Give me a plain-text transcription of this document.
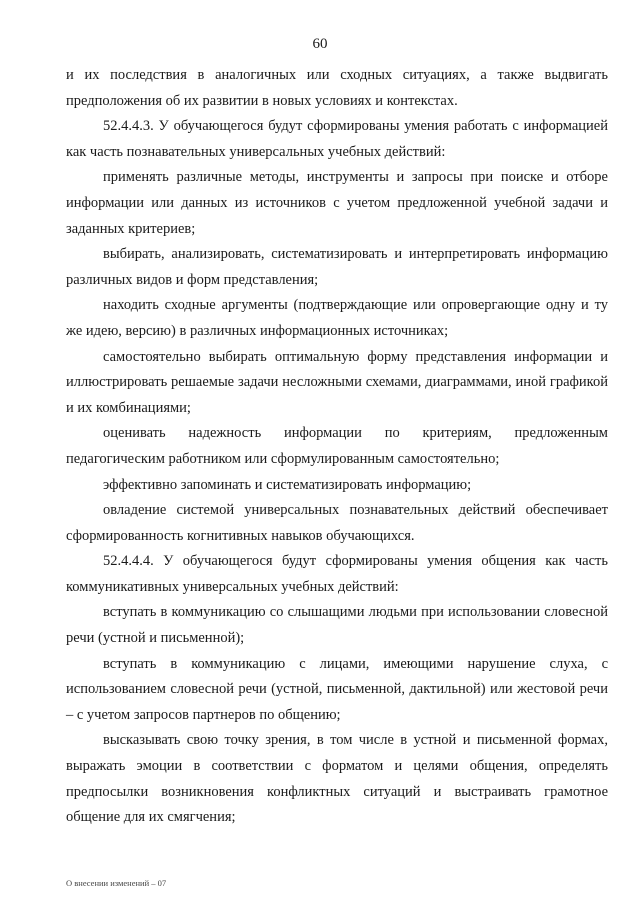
60

и их последствия в аналогичных или сходных ситуациях, а также выдвигать предположения об их развитии в новых условиях и контекстах.

52.4.4.3. У обучающегося будут сформированы умения работать с информацией как часть познавательных универсальных учебных действий:

применять различные методы, инструменты и запросы при поиске и отборе информации или данных из источников с учетом предложенной учебной задачи и заданных критериев;

выбирать, анализировать, систематизировать и интерпретировать информацию различных видов и форм представления;

находить сходные аргументы (подтверждающие или опровергающие одну и ту же идею, версию) в различных информационных источниках;

самостоятельно выбирать оптимальную форму представления информации и иллюстрировать решаемые задачи несложными схемами, диаграммами, иной графикой и их комбинациями;

оценивать надежность информации по критериям, предложенным педагогическим работником или сформулированным самостоятельно;

эффективно запоминать и систематизировать информацию;

овладение системой универсальных познавательных действий обеспечивает сформированность когнитивных навыков обучающихся.

52.4.4.4. У обучающегося будут сформированы умения общения как часть коммуникативных универсальных учебных действий:

вступать в коммуникацию со слышащими людьми при использовании словесной речи (устной и письменной);

вступать в коммуникацию с лицами, имеющими нарушение слуха, с использованием словесной речи (устной, письменной, дактильной) или жестовой речи – с учетом запросов партнеров по общению;

высказывать свою точку зрения, в том числе в устной и письменной формах, выражать эмоции в соответствии с форматом и целями общения, определять предпосылки возникновения конфликтных ситуаций и выстраивать грамотное общение для их смягчения;

О внесении изменений – 07
